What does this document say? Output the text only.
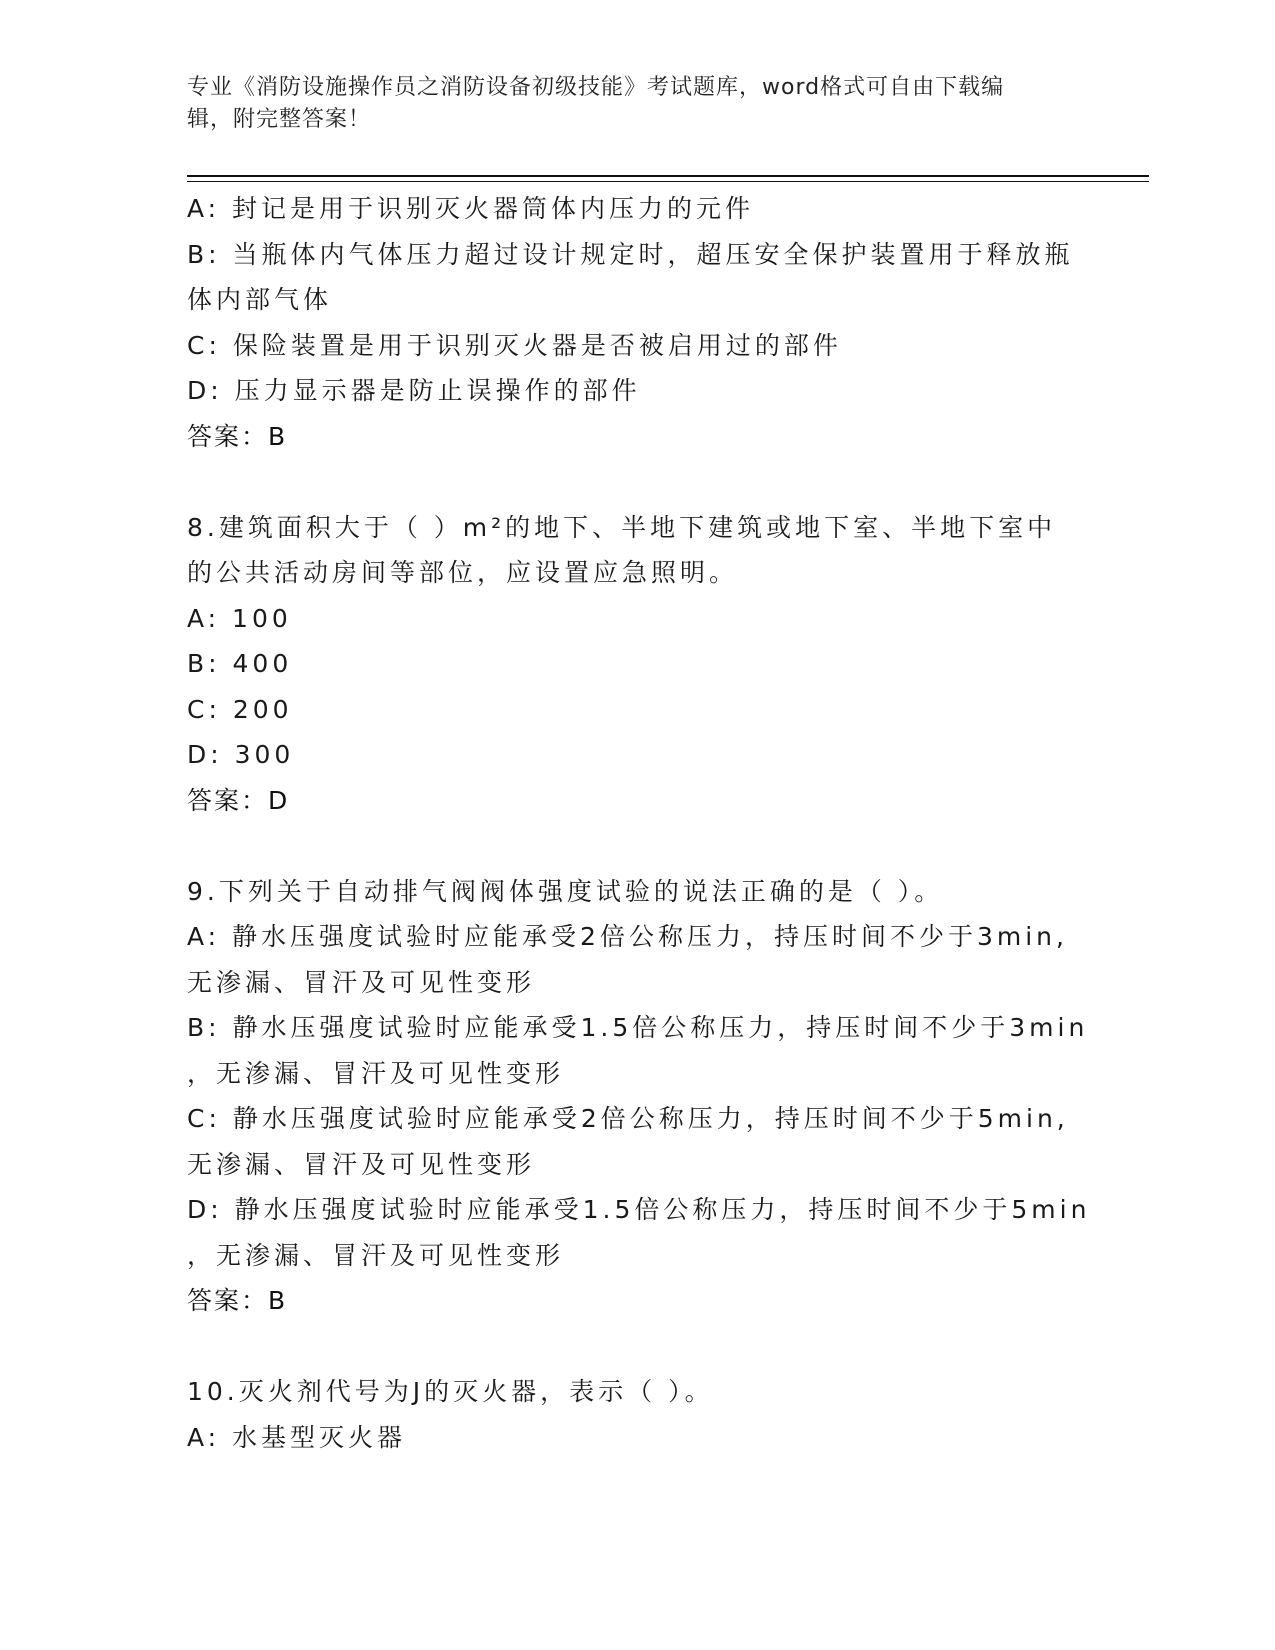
专业《消防设施操作员之消防设备初级技能》考试题库，word格式可自由下载编
辑，附完整答案！
A: 封记是用于识别灭火器筒体内压力的元件
B: 当瓶体内气体压力超过设计规定时，超压安全保护装置用于释放瓶
体内部气体
C: 保险装置是用于识别灭火器是否被启用过的部件
D: 压力显示器是防止误操作的部件
答案：B
8.建筑面积大于（ ）m²的地下、半地下建筑或地下室、半地下室中
的公共活动房间等部位，应设置应急照明。
A: 100
B: 400
C: 200
D: 300
答案：D
9.下列关于自动排气阀阀体强度试验的说法正确的是（ ）。
A: 静水压强度试验时应能承受2倍公称压力，持压时间不少于3min,
无渗漏、冒汗及可见性变形
B: 静水压强度试验时应能承受1.5倍公称压力，持压时间不少于3min
，无渗漏、冒汗及可见性变形
C: 静水压强度试验时应能承受2倍公称压力，持压时间不少于5min,
无渗漏、冒汗及可见性变形
D: 静水压强度试验时应能承受1.5倍公称压力，持压时间不少于5min
，无渗漏、冒汗及可见性变形
答案：B
10.灭火剂代号为J的灭火器，表示（ ）。
A: 水基型灭火器
